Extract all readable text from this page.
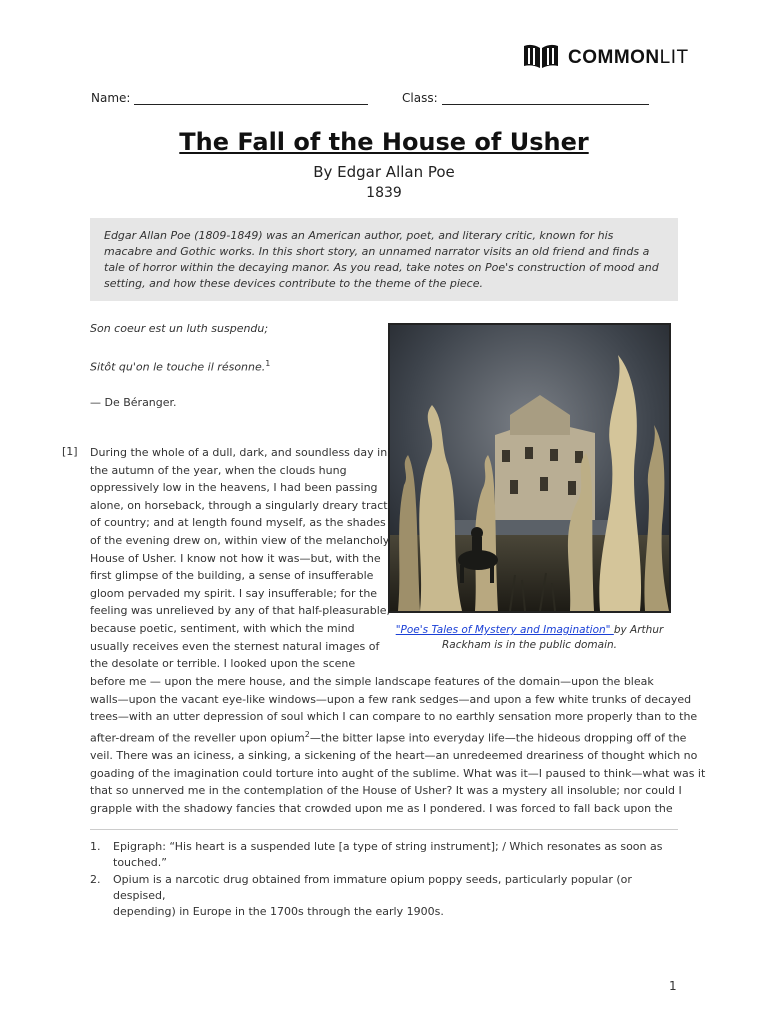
COMMONLIT
Name:	Class:
The Fall of the House of Usher
By Edgar Allan Poe
1839
Edgar Allan Poe (1809-1849) was an American author, poet, and literary critic, known for his macabre and Gothic works. In this short story, an unnamed narrator visits an old friend and finds a tale of horror within the decaying manor. As you read, take notes on Poe's construction of mood and setting, and how these devices contribute to the theme of the piece.
Son coeur est un luth suspendu;
Sitôt qu'on le touche il résonne.$^1$
— De Béranger.
"Poe's Tales of Mystery and Imagination" by Arthur
Rackham is in the public domain.
[1] During the whole of a dull, dark, and soundless day in
the autumn of the year, when the clouds hung
oppressively low in the heavens, I had been passing
alone, on horseback, through a singularly dreary tract
of country; and at length found myself, as the shades
of the evening drew on, within view of the melancholy
House of Usher. I know not how it was—but, with the
first glimpse of the building, a sense of insufferable
gloom pervaded my spirit. I say insufferable; for the
feeling was unrelieved by any of that half-pleasurable,
because poetic, sentiment, with which the mind
usually receives even the sternest natural images of
the desolate or terrible. I looked upon the scene
before me — upon the mere house, and the simple landscape features of the domain—upon the bleak
walls—upon the vacant eye-like windows—upon a few rank sedges—and upon a few white trunks of decayed
trees—with an utter depression of soul which I can compare to no earthly sensation more properly than to the
after-dream of the reveller upon opium$^2$—the bitter lapse into everyday life—the hideous dropping off of the
veil. There was an iciness, a sinking, a sickening of the heart—an unredeemed dreariness of thought which no
goading of the imagination could torture into aught of the sublime. What was it—I paused to think—what was it
that so unnerved me in the contemplation of the House of Usher? It was a mystery all insoluble; nor could I
grapple with the shadowy fancies that crowded upon me as I pondered. I was forced to fall back upon the
1. Epigraph: “His heart is a suspended lute [a type of string instrument]; / Which resonates as soon as
touched.”
2. Opium is a narcotic drug obtained from immature opium poppy seeds, particularly popular (or despised,
depending) in Europe in the 1700s through the early 1900s.
1
